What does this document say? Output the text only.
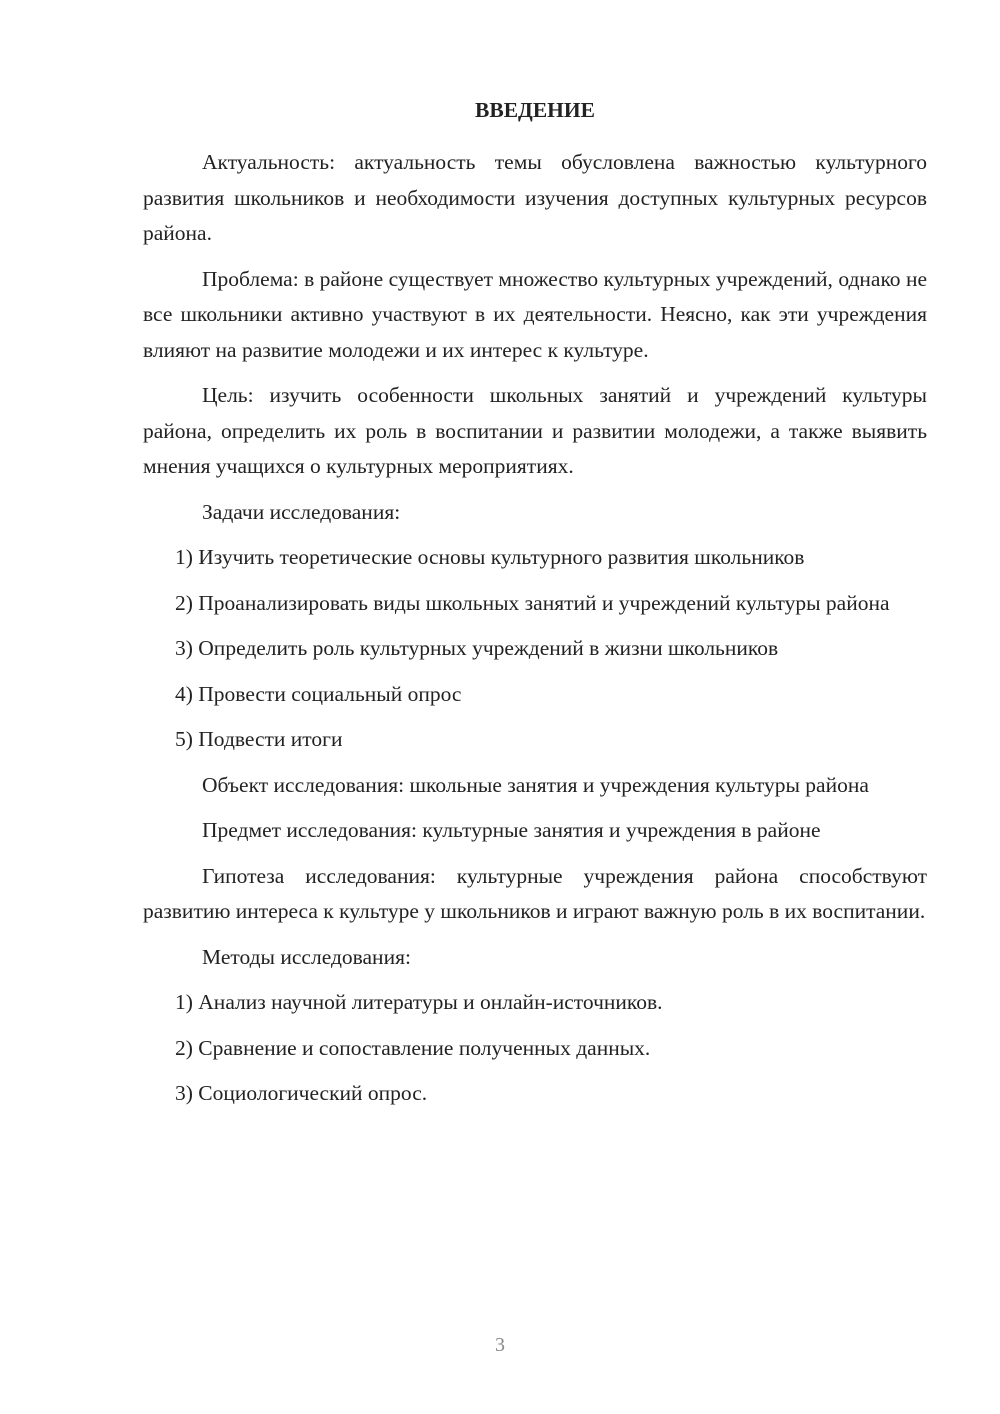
ВВЕДЕНИЕ

Актуальность: актуальность темы обусловлена важностью культурного развития школьников и необходимости изучения доступных культурных ресурсов района.

Проблема: в районе существует множество культурных учреждений, однако не все школьники активно участвуют в их деятельности. Неясно, как эти учреждения влияют на развитие молодежи и их интерес к культуре.

Цель: изучить особенности школьных занятий и учреждений культуры района, определить их роль в воспитании и развитии молодежи, а также выявить мнения учащихся о культурных мероприятиях.

Задачи исследования:

1) Изучить теоретические основы культурного развития школьников

2) Проанализировать виды школьных занятий и учреждений культуры района

3) Определить роль культурных учреждений в жизни школьников

4) Провести социальный опрос

5) Подвести итоги

Объект исследования: школьные занятия и учреждения культуры района

Предмет исследования: культурные занятия и учреждения в районе

Гипотеза исследования: культурные учреждения района способствуют развитию интереса к культуре у школьников и играют важную роль в их воспитании.

Методы исследования:

1) Анализ научной литературы и онлайн-источников.

2) Сравнение и сопоставление полученных данных.

3) Социологический опрос.

3
